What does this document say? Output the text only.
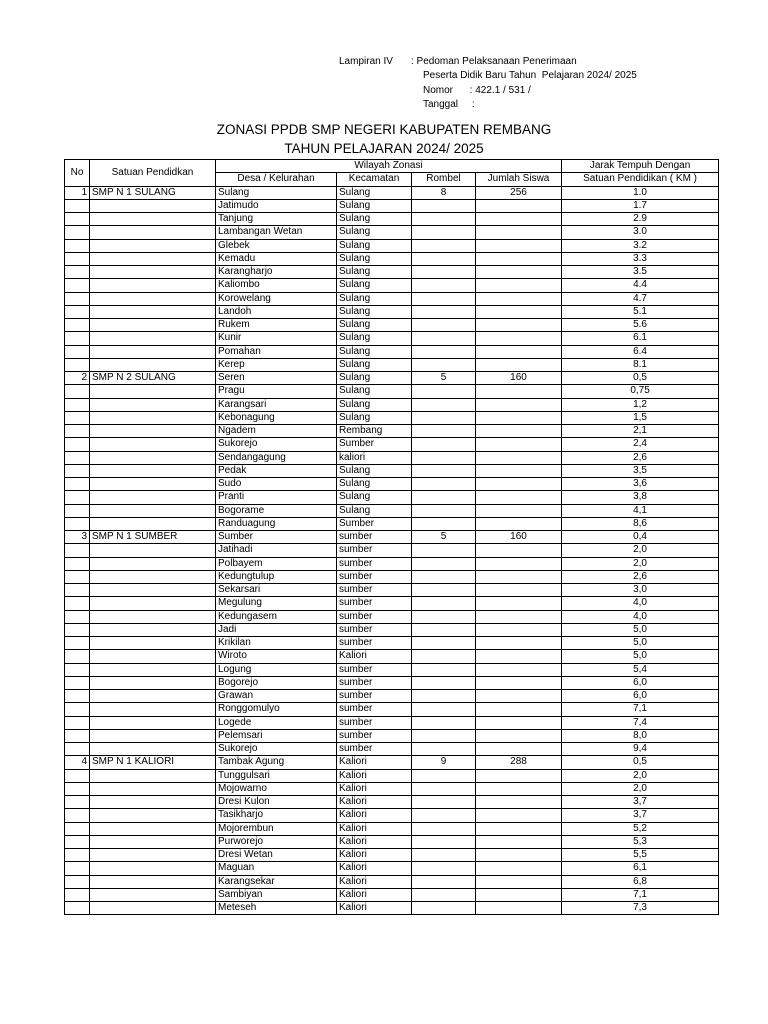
Lampiran IV	: Pedoman Pelaksanaan Penerimaan
Peserta Didik Baru Tahun  Pelajaran 2024/ 2025
Nomor      : 422.1 / 531 /
Tanggal     :
ZONASI PPDB SMP NEGERI KABUPATEN REMBANG
TAHUN PELAJARAN 2024/ 2025
No	Satuan Pendidkan	Wilayah Zonasi				Jarak Tempuh Dengan
		Desa / Kelurahan	Kecamatan	Rombel	Jumlah Siswa	Satuan Pendidikan ( KM )
1	SMP N 1 SULANG	Sulang	Sulang	8	256	1.0
		Jatimudo	Sulang			1.7
		Tanjung	Sulang			2.9
		Lambangan Wetan	Sulang			3.0
		Glebek	Sulang			3.2
		Kemadu	Sulang			3.3
		Karangharjo	Sulang			3.5
		Kaliombo	Sulang			4.4
		Korowelang	Sulang			4.7
		Landoh	Sulang			5.1
		Rukem	Sulang			5.6
		Kunir	Sulang			6.1
		Pomahan	Sulang			6.4
		Kerep	Sulang			8.1
2	SMP N 2 SULANG	Seren	Sulang	5	160	0,5
		Pragu	Sulang			0,75
		Karangsari	Sulang			1,2
		Kebonagung	Sulang			1,5
		Ngadem	Rembang			2,1
		Sukorejo	Sumber			2,4
		Sendangagung	kaliori			2,6
		Pedak	Sulang			3,5
		Sudo	Sulang			3,6
		Pranti	Sulang			3,8
		Bogorame	Sulang			4,1
		Randuagung	Sumber			8,6
3	SMP N 1 SUMBER	Sumber	sumber	5	160	0,4
		Jatihadi	sumber			2,0
		Polbayem	sumber			2,0
		Kedungtulup	sumber			2,6
		Sekarsari	sumber			3,0
		Megulung	sumber			4,0
		Kedungasem	sumber			4,0
		Jadi	sumber			5,0
		Krikilan	sumber			5,0
		Wiroto	Kaliori			5,0
		Logung	sumber			5,4
		Bogorejo	sumber			6,0
		Grawan	sumber			6,0
		Ronggomulyo	sumber			7,1
		Logede	sumber			7,4
		Pelemsari	sumber			8,0
		Sukorejo	sumber			9,4
4	SMP N 1 KALIORI	Tambak Agung	Kaliori	9	288	0,5
		Tunggulsari	Kaliori			2,0
		Mojowarno	Kaliori			2,0
		Dresi Kulon	Kaliori			3,7
		Tasikharjo	Kaliori			3,7
		Mojorembun	Kaliori			5,2
		Purworejo	Kaliori			5,3
		Dresi Wetan	Kaliori			5,5
		Maguan	Kaliori			6,1
		Karangsekar	Kaliori			6,8
		Sambiyan	Kaliori			7,1
		Meteseh	Kaliori			7,3
